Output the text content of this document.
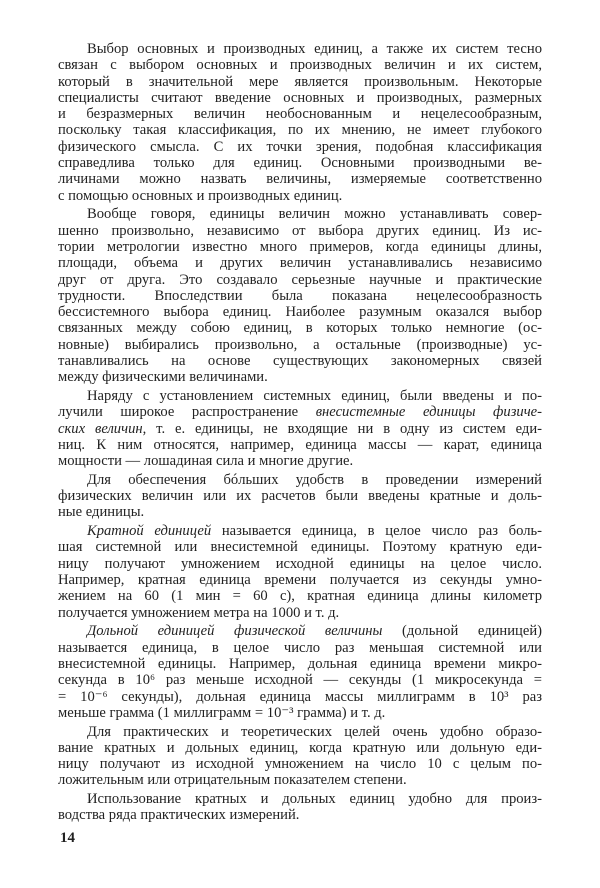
Выбор основных и производных единиц, а также их систем тесно
связан с выбором основных и производных величин и их систем,
который в значительной мере является произвольным. Некоторые
специалисты считают введение основных и производных, размерных
и безразмерных величин необоснованным и нецелесообразным,
поскольку такая классификация, по их мнению, не имеет глубокого
физического смысла. С их точки зрения, подобная классификация
справедлива только для единиц. Основными производными ве-
личинами можно назвать величины, измеряемые соответственно
с помощью основных и производных единиц.
Вообще говоря, единицы величин можно устанавливать совер-
шенно произвольно, независимо от выбора других единиц. Из ис-
тории метрологии известно много примеров, когда единицы длины,
площади, объема и других величин устанавливались независимо
друг от друга. Это создавало серьезные научные и практические
трудности. Впоследствии была показана нецелесообразность
бессистемного выбора единиц. Наиболее разумным оказался выбор
связанных между собою единиц, в которых только немногие (ос-
новные) выбирались произвольно, а остальные (производные) ус-
танавливались на основе существующих закономерных связей
между физическими величинами.
Наряду с установлением системных единиц, были введены и по-
лучили широкое распространение внесистемные единицы физиче-
ских величин, т. е. единицы, не входящие ни в одну из систем еди-
ниц. К ним относятся, например, единица массы — карат, единица
мощности — лошадиная сила и многие другие.
Для обеспечения бóльших удобств в проведении измерений
физических величин или их расчетов были введены кратные и доль-
ные единицы.
Кратной единицей называется единица, в целое число раз боль-
шая системной или внесистемной единицы. Поэтому кратную еди-
ницу получают умножением исходной единицы на целое число.
Например, кратная единица времени получается из секунды умно-
жением на 60 (1 мин = 60 с), кратная единица длины километр
получается умножением метра на 1000 и т. д.
Дольной единицей физической величины (дольной единицей)
называется единица, в целое число раз меньшая системной или
внесистемной единицы. Например, дольная единица времени микро-
секунда в 10⁶ раз меньше исходной — секунды (1 микросекунда =
= 10⁻⁶ секунды), дольная единица массы миллиграмм в 10³ раз
меньше грамма (1 миллиграмм = 10⁻³ грамма) и т. д.
Для практических и теоретических целей очень удобно образо-
вание кратных и дольных единиц, когда кратную или дольную еди-
ницу получают из исходной умножением на число 10 с целым по-
ложительным или отрицательным показателем степени.
Использование кратных и дольных единиц удобно для произ-
водства ряда практических измерений.
14
